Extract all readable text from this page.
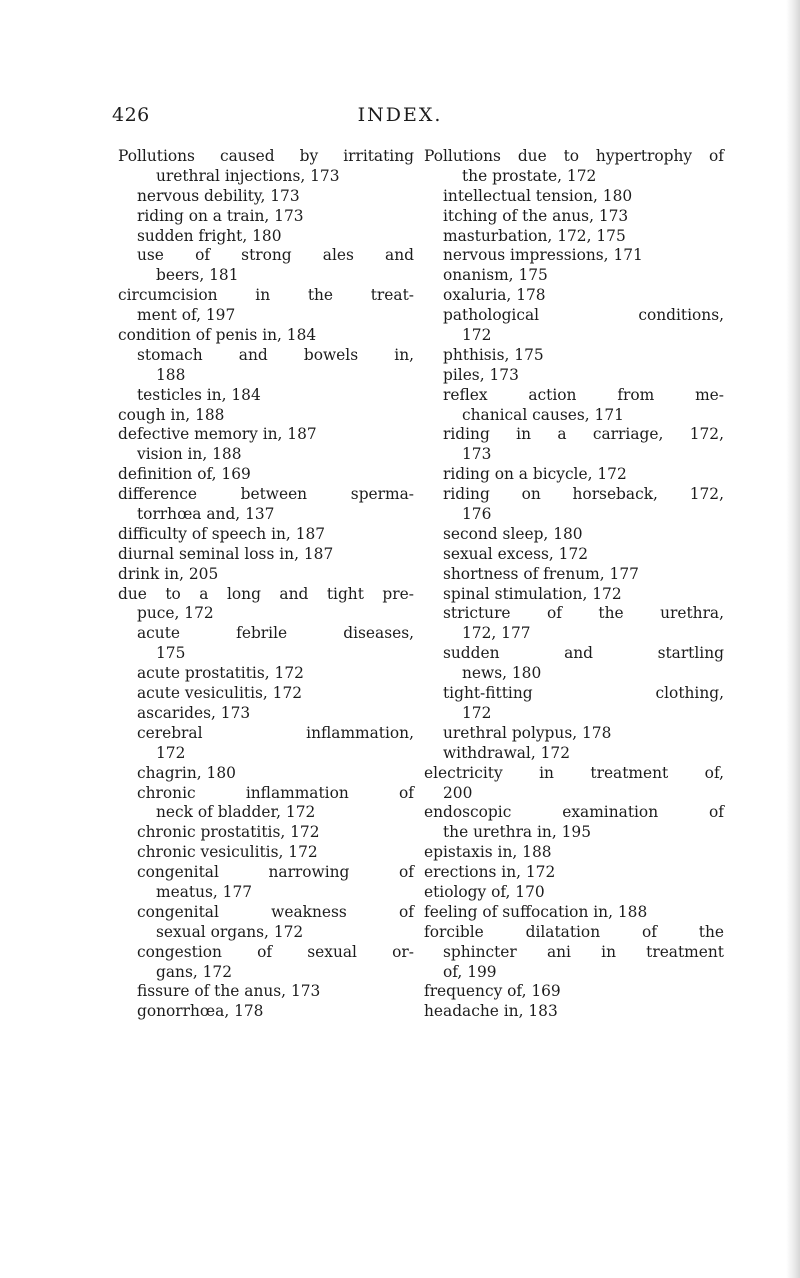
426	INDEX.
Pollutions caused by irritating
urethral injections, 173
nervous debility, 173
riding on a train, 173
sudden fright, 180
use of strong ales and
beers, 181
circumcision in the treat-
ment of, 197
condition of penis in, 184
stomach and bowels in,
188
testicles in, 184
cough in, 188
defective memory in, 187
vision in, 188
definition of, 169
difference	between	sperma-
torrhœa and, 137
difficulty of speech in, 187
diurnal seminal loss in, 187
drink in, 205
due to a long and tight pre-
puce, 172
acute	febrile	diseases,
175
acute prostatitis, 172
acute vesiculitis, 172
ascarides, 173
cerebral	inflammation,
172
chagrin, 180
chronic	inflammation	of
neck of bladder, 172
chronic prostatitis, 172
chronic vesiculitis, 172
congenital	narrowing	of
meatus, 177
congenital	weakness	of
sexual organs, 172
congestion of sexual or-
gans, 172
fissure of the anus, 173
gonorrhœa, 178
Pollutions due to hypertrophy of
the prostate, 172
intellectual tension, 180
itching of the anus, 173
masturbation, 172, 175
nervous impressions, 171
onanism, 175
oxaluria, 178
pathological	conditions,
172
phthisis, 175
piles, 173
reflex	action	from	me-
chanical causes, 171
riding in a carriage, 172,
173
riding on a bicycle, 172
riding on horseback, 172,
176
second sleep, 180
sexual excess, 172
shortness of frenum, 177
spinal stimulation, 172
stricture of the urethra,
172, 177
sudden	and	startling
news, 180
tight-fitting	clothing,
172
urethral polypus, 178
withdrawal, 172
electricity in treatment of,
200
endoscopic	examination	of
the urethra in, 195
epistaxis in, 188
erections in, 172
etiology of, 170
feeling of suffocation in, 188
forcible	dilatation	of	the
sphincter ani in treatment
of, 199
frequency of, 169
headache in, 183
